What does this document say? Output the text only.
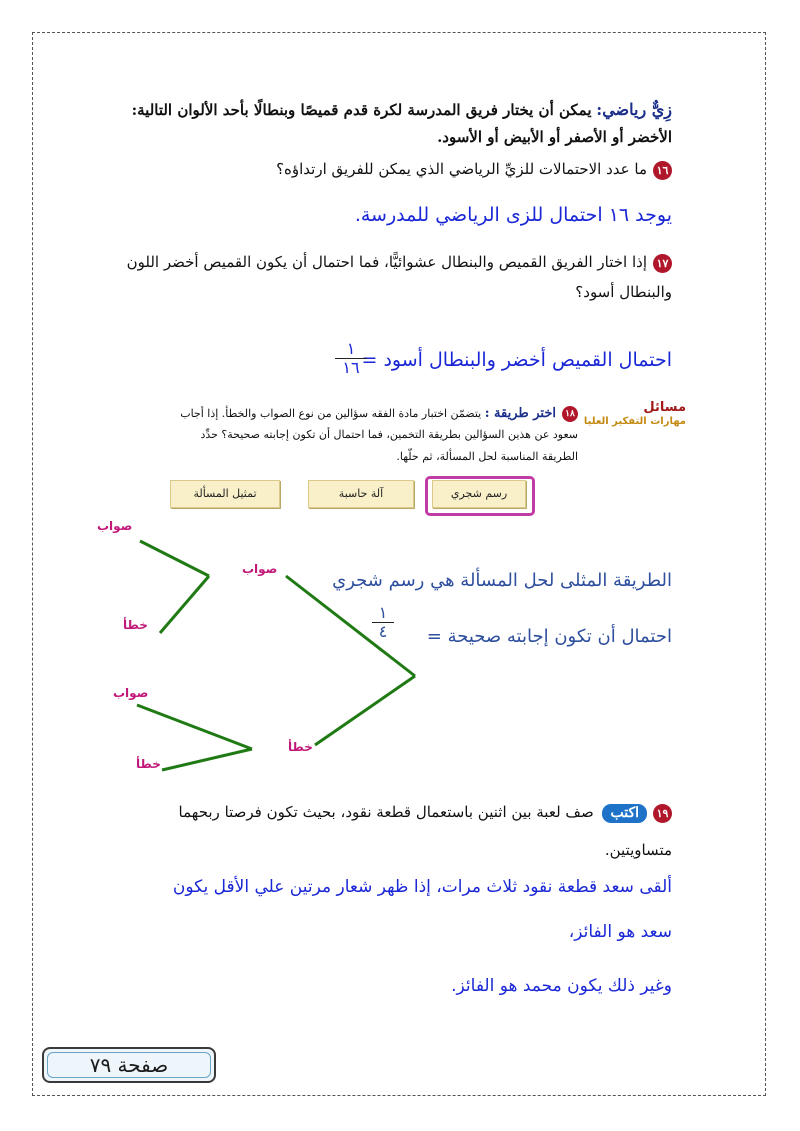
زِيٌّ رياضي: يمكن أن يختار فريق المدرسة لكرة قدم قميصًا وبنطالًا بأحد الألوان التالية:
الأخضر أو الأصفر أو الأبيض أو الأسود.
١٦ما عدد الاحتمالات للزيِّ الرياضي الذي يمكن للفريق ارتداؤه؟
يوجد ١٦ احتمال للزى الرياضي للمدرسة.
١٧إذا اختار الفريق القميص والبنطال عشوائيًّا، فما احتمال أن يكون القميص أخضر اللون
والبنطال أسود؟
احتمال القميص أخضر والبنطال أسود =
١
١٦
مسائل
مهارات التفكير العليا
١٨اختر طريقة : يتضمّن اختبار مادة الفقه سؤالين من نوع الصواب والخطأ. إذا أجاب
سعود عن هذين السؤالين بطريقة التخمين، فما احتمال أن تكون إجابته صحيحة؟ حدِّد
الطريقة المناسبة لحل المسألة، ثم حلّها.
رسم شجري
آلة حاسبة
تمثيل المسألة
صواب
صواب
خطأ
صواب
خطأ
خطأ
الطريقة المثلى لحل المسألة هي رسم شجري
احتمال أن تكون إجابته صحيحة =
١
٤
١٩اكتب صف لعبة بين اثنين باستعمال قطعة نقود، بحيث تكون فرصتا ربحهما
متساويتين.
ألقى سعد قطعة نقود ثلاث مرات، إذا ظهر شعار مرتين علي الأقل يكون
سعد هو الفائز،
وغير ذلك يكون محمد هو الفائز.
صفحة ٧٩
